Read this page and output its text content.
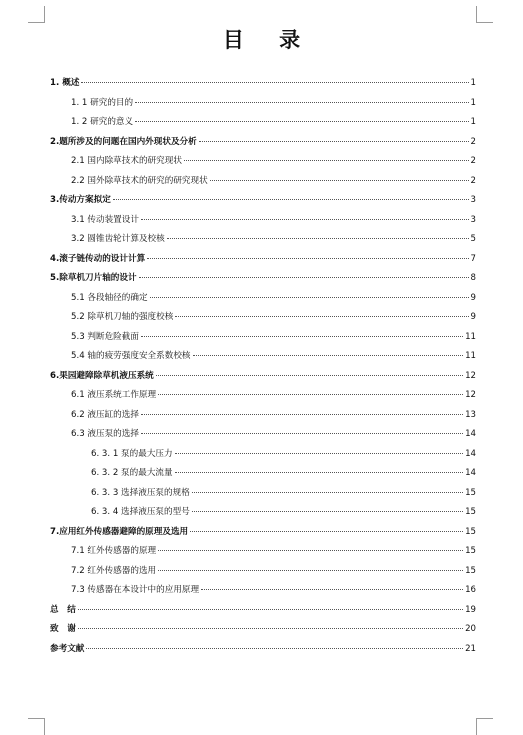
目 录
1. 概述	1
1. 1 研究的目的	1
1. 2 研究的意义	1
2.题所涉及的问题在国内外现状及分析	2
2.1 国内除草技术的研究现状	2
2.2 国外除草技术的研究的研究现状	2
3.传动方案拟定	3
3.1 传动装置设计	3
3.2 圆锥齿轮计算及校核	5
4.滚子链传动的设计计算	7
5.除草机刀片轴的设计	8
5.1 各段轴径的确定	9
5.2 除草机刀轴的强度校核	9
5.3 判断危险截面	11
5.4 轴的疲劳强度安全系数校核	11
6.果园避障除草机液压系统	12
6.1 液压系统工作原理	12
6.2 液压缸的选择	13
6.3 液压泵的选择	14
6. 3. 1 泵的最大压力	14
6. 3. 2 泵的最大流量	14
6. 3. 3 选择液压泵的规格	15
6. 3. 4 选择液压泵的型号	15
7.应用红外传感器避障的原理及选用	15
7.1 红外传感器的原理	15
7.2 红外传感器的选用	15
7.3 传感器在本设计中的应用原理	16
总　结	19
致　谢	20
参考文献	21
